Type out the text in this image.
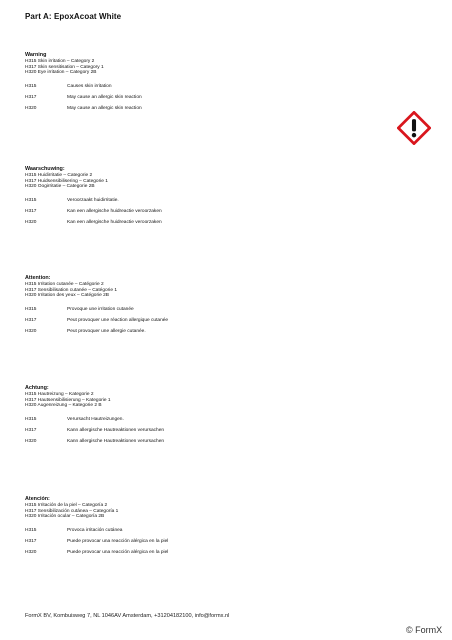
Part A: EpoxAcoat White
Warning
H315 Skin irritation – Category 2
H317 Skin sensitisation – Category 1
H320 Eye irritation – Category 2B
H315	Causes skin irritation
H317	May cause an allergic skin reaction
H320	May cause an allergic skin reaction
Waarschuwing:
H315 Huidirritatie – Categorie 2
H317 Huidsensibilisering – Categorie 1
H320 Oogirritatie – Categorie 2B
H315	Veroorzaakt huidirritatie.
H317	Kan een allergische huidreactie veroorzaken
H320	Kan een allergische huidreactie veroorzaken
Attention:
H315 Irritation cutanée – Catégorie 2
H317 Sensibilisation cutanée – Catégorie 1
H320 Irritation des yeux – Catégorie 2B
H315	Provoque une irritation cutanée
H317	Peut provoquer une réaction allergique cutanée
H320	Peut provoquer une allergie cutanée.
Achtung:
H315 Hautreizung – Kategorie 2
H317 Hautsensibilisierung – Kategorie 1
H320 Augenreizung – Kategorie 2 B
H315	Verursacht Hautreizungen.
H317	Kann allergische Hautreaktionen verursachen
H320	Kann allergische Hautreaktionen verursachen
Atención:
H315 Irritación de la piel – Categoría 2
H317 Sensibilización cutánea – Categoría 1
H320 Irritación ocular – Categoría 2B
H315	Provoca irritación cutánea
H317	Puede provocar una reacción alérgica en la piel
H320	Puede provocar una reacción alérgica en la piel
FormX BV, Kombuisweg 7, NL 1046AV Amsterdam, +31204182100, info@formx.nl
© FormX
